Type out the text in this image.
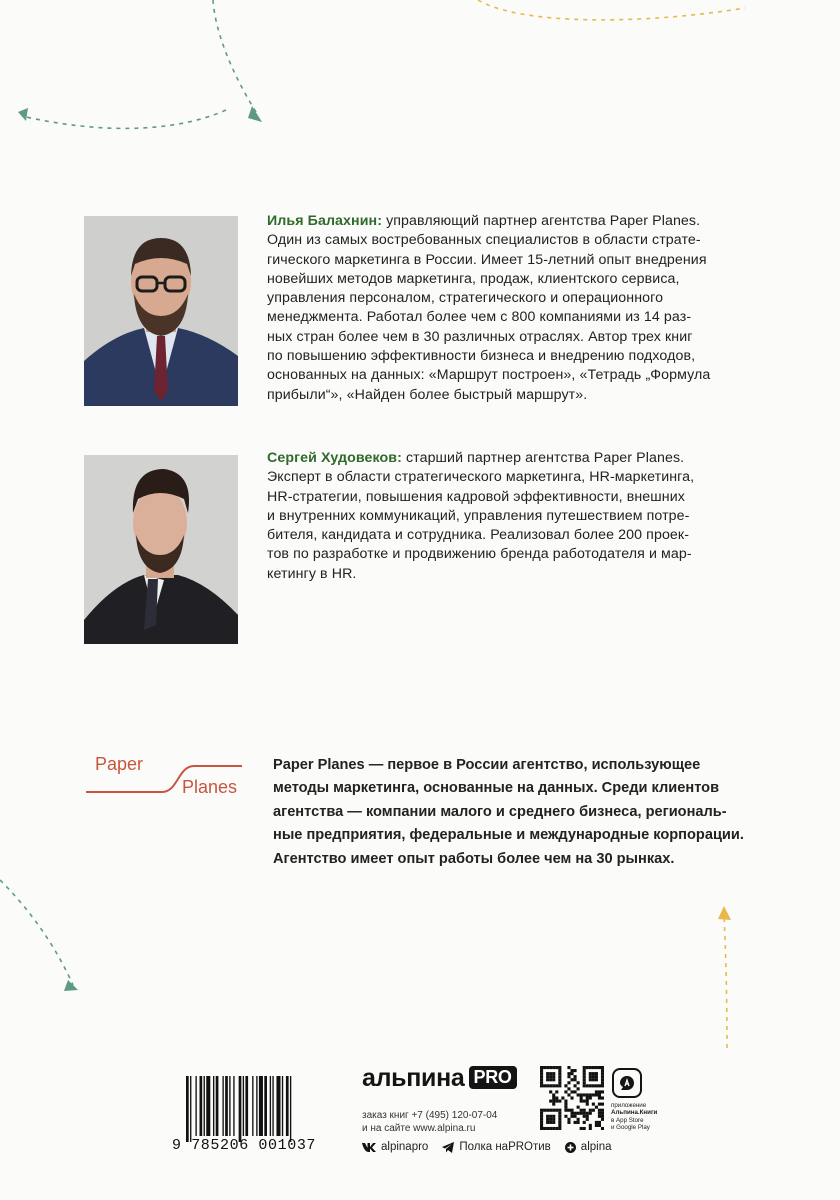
Илья Балахнин: управляющий партнер агентства Paper Planes.
Один из самых востребованных специалистов в области страте-
гического маркетинга в России. Имеет 15-летний опыт внедрения
новейших методов маркетинга, продаж, клиентского сервиса,
управления персоналом, стратегического и операционного
менеджмента. Работал более чем с 800 компаниями из 14 раз-
ных стран более чем в 30 различных отраслях. Автор трех книг
по повышению эффективности бизнеса и внедрению подходов,
основанных на данных: «Маршрут построен», «Тетрадь „Формула
прибыли“», «Найден более быстрый маршрут».
Сергей Худовеков: старший партнер агентства Paper Planes.
Эксперт в области стратегического маркетинга, HR-маркетинга,
HR-стратегии, повышения кадровой эффективности, внешних
и внутренних коммуникаций, управления путешествием потре-
бителя, кандидата и сотрудника. Реализовал более 200 проек-
тов по разработке и продвижению бренда работодателя и мар-
кетингу в HR.
Paper
Planes
Paper Planes — первое в России агентство, использующее
методы маркетинга, основанные на данных. Среди клиентов
агентства — компании малого и среднего бизнеса, региональ-
ные предприятия, федеральные и международные корпорации.
Агентство имеет опыт работы более чем на 30 рынках.
9 785206 001037
альпина PRO
заказ книг +7 (495) 120-07-04
и на сайте www.alpina.ru
alpinapro	Полка наPROтив	alpina
приложение
Альпина.Книги
в App Store
и Google Play
